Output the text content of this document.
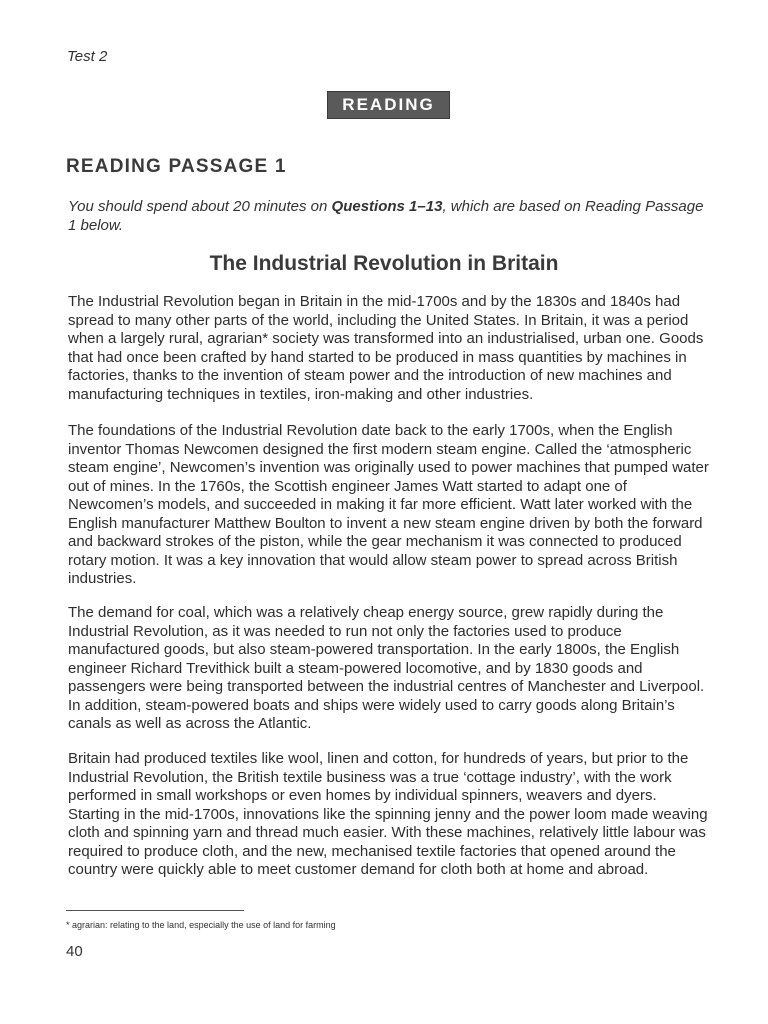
Test 2
READING
READING PASSAGE 1
You should spend about 20 minutes on Questions 1–13, which are based on Reading Passage 1 below.
The Industrial Revolution in Britain

The Industrial Revolution began in Britain in the mid-1700s and by the 1830s and 1840s had spread to many other parts of the world, including the United States. In Britain, it was a period when a largely rural, agrarian* society was transformed into an industrialised, urban one. Goods that had once been crafted by hand started to be produced in mass quantities by machines in factories, thanks to the invention of steam power and the introduction of new machines and manufacturing techniques in textiles, iron-making and other industries.

The foundations of the Industrial Revolution date back to the early 1700s, when the English inventor Thomas Newcomen designed the first modern steam engine. Called the ‘atmospheric steam engine’, Newcomen’s invention was originally used to power machines that pumped water out of mines. In the 1760s, the Scottish engineer James Watt started to adapt one of Newcomen’s models, and succeeded in making it far more efficient. Watt later worked with the English manufacturer Matthew Boulton to invent a new steam engine driven by both the forward and backward strokes of the piston, while the gear mechanism it was connected to produced rotary motion. It was a key innovation that would allow steam power to spread across British industries.

The demand for coal, which was a relatively cheap energy source, grew rapidly during the Industrial Revolution, as it was needed to run not only the factories used to produce manufactured goods, but also steam-powered transportation. In the early 1800s, the English engineer Richard Trevithick built a steam-powered locomotive, and by 1830 goods and passengers were being transported between the industrial centres of Manchester and Liverpool. In addition, steam-powered boats and ships were widely used to carry goods along Britain’s canals as well as across the Atlantic.

Britain had produced textiles like wool, linen and cotton, for hundreds of years, but prior to the Industrial Revolution, the British textile business was a true ‘cottage industry’, with the work performed in small workshops or even homes by individual spinners, weavers and dyers. Starting in the mid-1700s, innovations like the spinning jenny and the power loom made weaving cloth and spinning yarn and thread much easier. With these machines, relatively little labour was required to produce cloth, and the new, mechanised textile factories that opened around the country were quickly able to meet customer demand for cloth both at home and abroad.

* agrarian: relating to the land, especially the use of land for farming
40
